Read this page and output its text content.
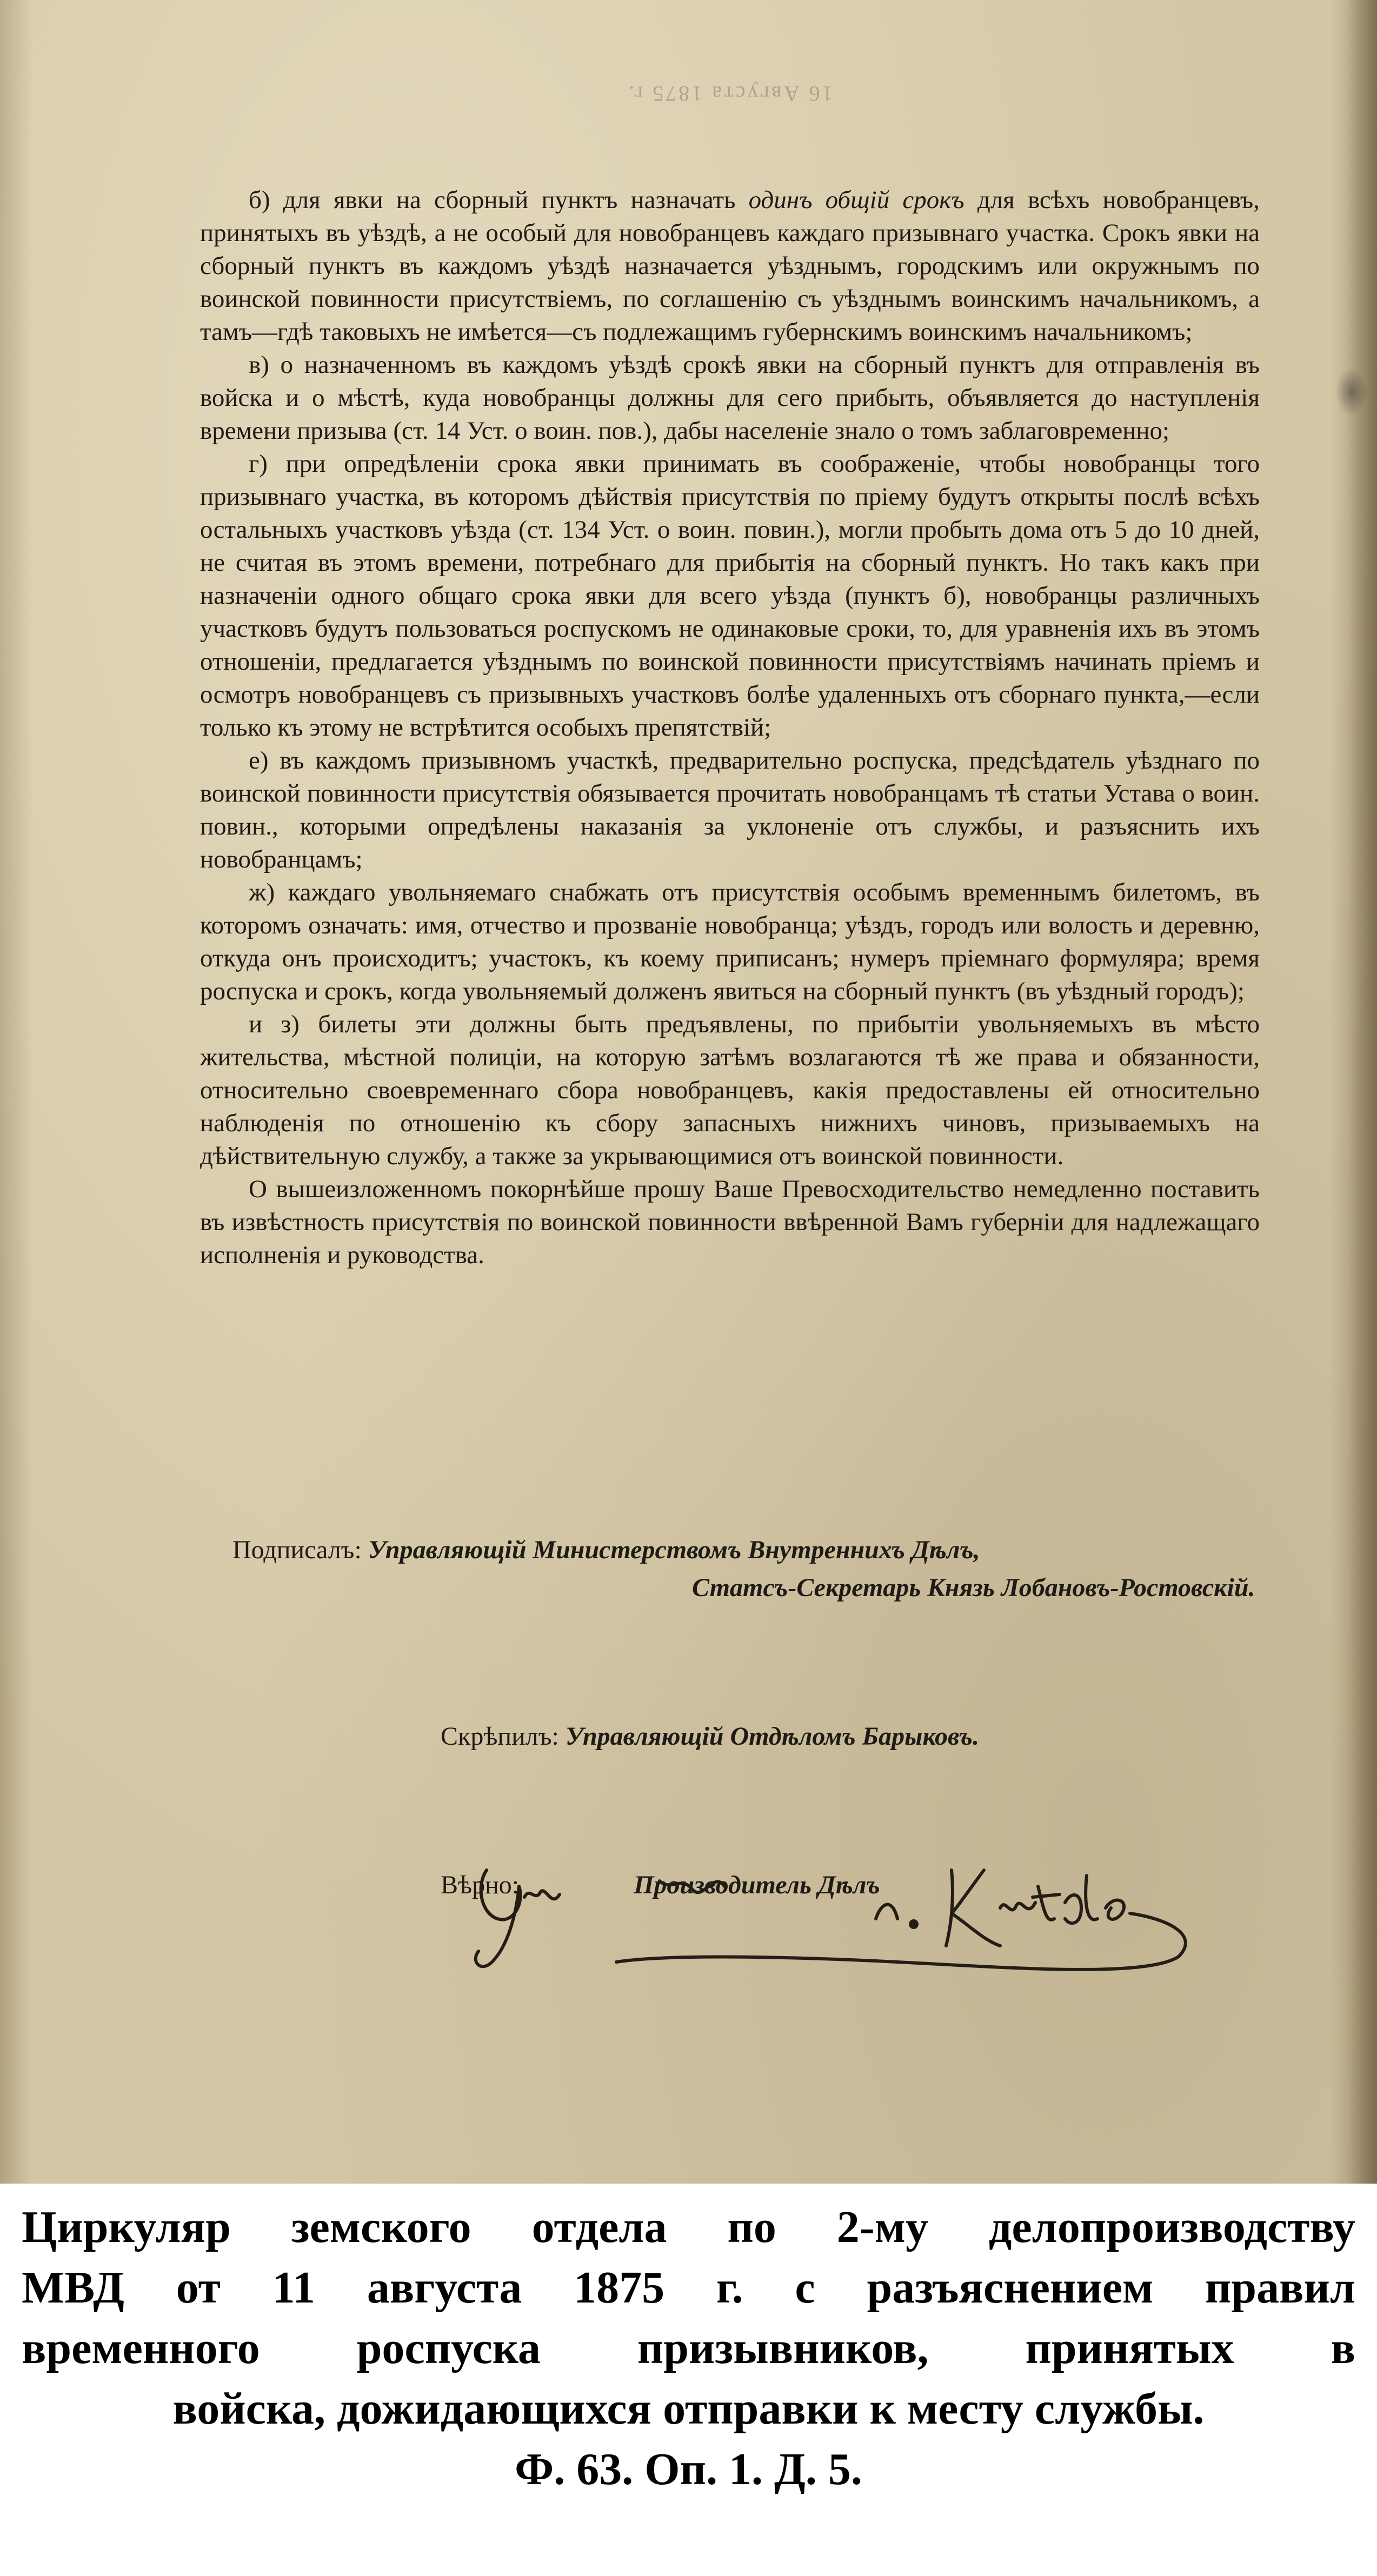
16 Августа 1875 г.

б) для явки на сборный пунктъ назначать одинъ общій срокъ для всѣхъ новобранцевъ, принятыхъ въ уѣздѣ, а не особый для новобранцевъ каждаго призывнаго участка. Срокъ явки на сборный пунктъ въ каждомъ уѣздѣ назначается уѣзднымъ, городскимъ или окружнымъ по воинской повинности присутствіемъ, по соглашенію съ уѣзднымъ воинскимъ начальникомъ, а тамъ—гдѣ таковыхъ не имѣется—съ подлежащимъ губернскимъ воинскимъ начальникомъ;

в) о назначенномъ въ каждомъ уѣздѣ срокѣ явки на сборный пунктъ для отправленія въ войска и о мѣстѣ, куда новобранцы должны для сего прибыть, объявляется до наступленія времени призыва (ст. 14 Уст. о воин. пов.), дабы населеніе знало о томъ заблаговременно;

г) при опредѣленіи срока явки принимать въ соображеніе, чтобы новобранцы того призывнаго участка, въ которомъ дѣйствія присутствія по пріему будутъ открыты послѣ всѣхъ остальныхъ участковъ уѣзда (ст. 134 Уст. о воин. повин.), могли пробыть дома отъ 5 до 10 дней, не считая въ этомъ времени, потребнаго для прибытія на сборный пунктъ. Но такъ какъ при назначеніи одного общаго срока явки для всего уѣзда (пунктъ б), новобранцы различныхъ участковъ будутъ пользоваться роспускомъ не одинаковые сроки, то, для уравненія ихъ въ этомъ отношеніи, предлагается уѣзднымъ по воинской повинности присутствіямъ начинать пріемъ и осмотръ новобранцевъ съ призывныхъ участковъ болѣе удаленныхъ отъ сборнаго пункта,—если только къ этому не встрѣтится особыхъ препятствій;

е) въ каждомъ призывномъ участкѣ, предварительно роспуска, предсѣдатель уѣзднаго по воинской повинности присутствія обязывается прочитать новобранцамъ тѣ статьи Устава о воин. повин., которыми опредѣлены наказанія за уклоненіе отъ службы, и разъяснить ихъ новобранцамъ;

ж) каждаго увольняемаго снабжать отъ присутствія особымъ временнымъ билетомъ, въ которомъ означать: имя, отчество и прозваніе новобранца; уѣздъ, городъ или волость и деревню, откуда онъ происходитъ; участокъ, къ коему приписанъ; нумеръ пріемнаго формуляра; время роспуска и срокъ, когда увольняемый долженъ явиться на сборный пунктъ (въ уѣздный городъ);

и з) билеты эти должны быть предъявлены, по прибытіи увольняемыхъ въ мѣсто жительства, мѣстной полиціи, на которую затѣмъ возлагаются тѣ же права и обязанности, относительно своевременнаго сбора новобранцевъ, какія предоставлены ей относительно наблюденія по отношенію къ сбору запасныхъ нижнихъ чиновъ, призываемыхъ на дѣйствительную службу, а также за укрывающимися отъ воинской повинности.

О вышеизложенномъ покорнѣйше прошу Ваше Превосходительство немедленно поставить въ извѣстность присутствія по воинской повинности ввѣренной Вамъ губерніи для надлежащаго исполненія и руководства.

Подписалъ: Управляющій Министерствомъ Внутреннихъ Дѣлъ,
Статсъ-Секретарь Князь Лобановъ-Ростовскій.
Скрѣпилъ: Управляющій Отдѣломъ Барыковъ.
Вѣрно:	Производитель Дѣлъ
Циркуляр земского отдела по 2-му делопроизводству
МВД от 11 августа 1875 г. с разъяснением правил
временного роспуска призывников, принятых в
войска, дожидающихся отправки к месту службы.
Ф. 63. Оп. 1. Д. 5.
